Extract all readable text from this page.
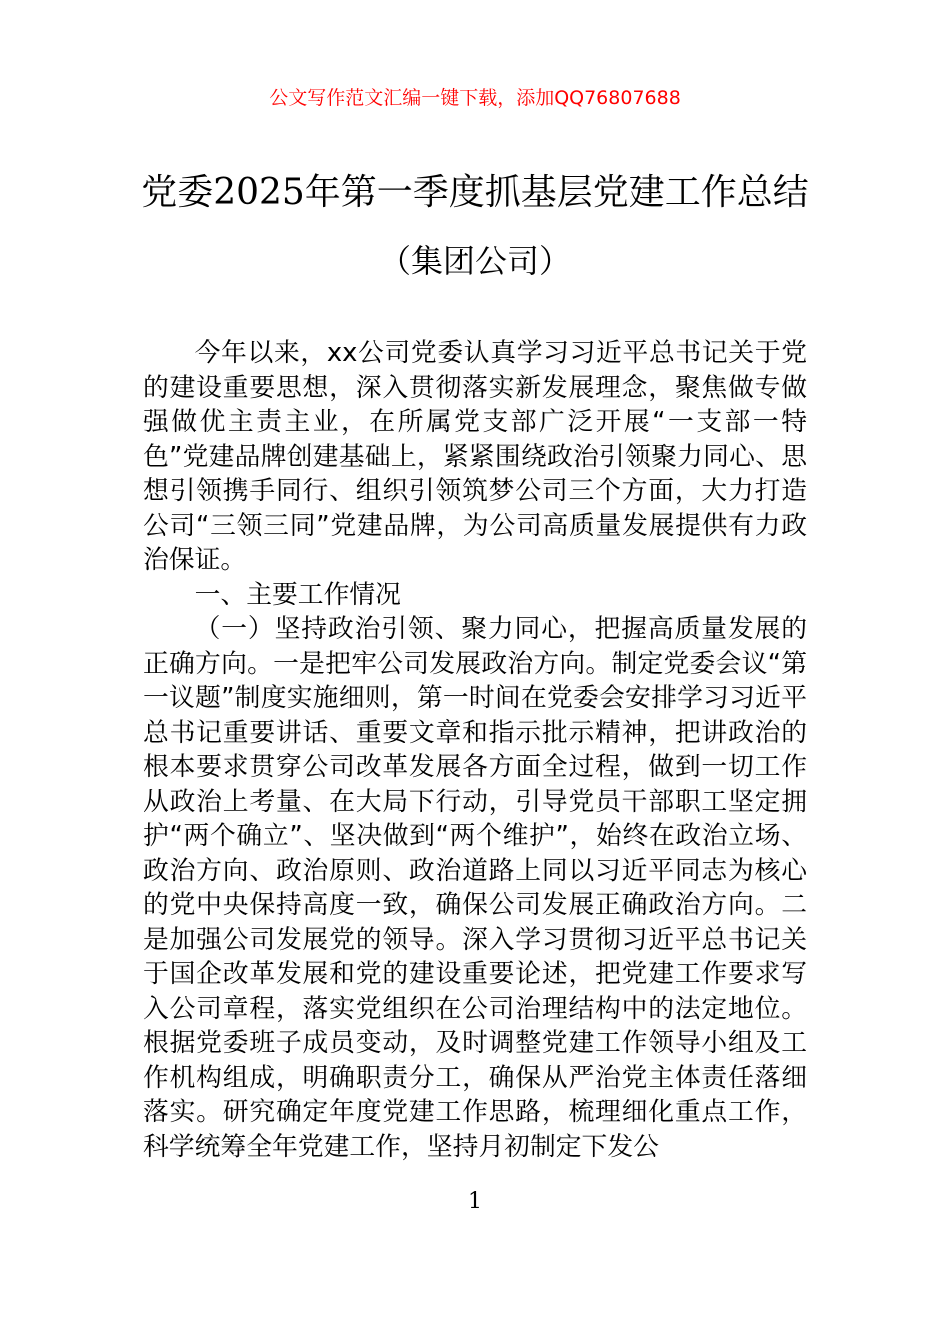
公文写作范文汇编一键下载，添加QQ76807688
党委2025年第一季度抓基层党建工作总结
（集团公司）

今年以来，xx公司党委认真学习习近平总书记关于党的建设重要思想，深入贯彻落实新发展理念，聚焦做专做强做优主责主业，在所属党支部广泛开展“一支部一特色”党建品牌创建基础上，紧紧围绕政治引领聚力同心、思想引领携手同行、组织引领筑梦公司三个方面，大力打造公司“三领三同”党建品牌，为公司高质量发展提供有力政治保证。

一、主要工作情况

（一）坚持政治引领、聚力同心，把握高质量发展的正确方向。一是把牢公司发展政治方向。制定党委会议“第一议题”制度实施细则，第一时间在党委会安排学习习近平总书记重要讲话、重要文章和指示批示精神，把讲政治的根本要求贯穿公司改革发展各方面全过程，做到一切工作从政治上考量、在大局下行动，引导党员干部职工坚定拥护“两个确立”、坚决做到“两个维护”，始终在政治立场、政治方向、政治原则、政治道路上同以习近平同志为核心的党中央保持高度一致，确保公司发展正确政治方向。二是加强公司发展党的领导。深入学习贯彻习近平总书记关于国企改革发展和党的建设重要论述，把党建工作要求写入公司章程，落实党组织在公司治理结构中的法定地位。根据党委班子成员变动，及时调整党建工作领导小组及工作机构组成，明确职责分工，确保从严治党主体责任落细落实。研究确定年度党建工作思路，梳理细化重点工作，科学统筹全年党建工作，坚持月初制定下发公

1
